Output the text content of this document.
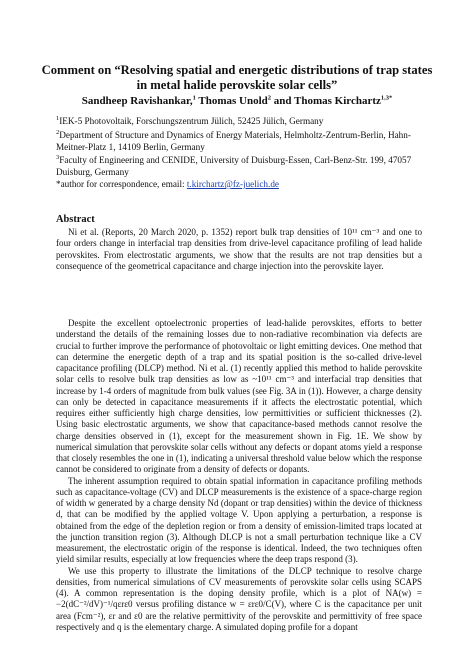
Comment on “Resolving spatial and energetic distributions of trap states in metal halide perovskite solar cells”
Sandheep Ravishankar,$^1$ Thomas Unold$^2$ and Thomas Kirchartz$^{1,3*}$
$^1$IEK-5 Photovoltaik, Forschungszentrum Jülich, 52425 Jülich, Germany
$^2$Department of Structure and Dynamics of Energy Materials, Helmholtz-Zentrum-Berlin, Hahn-Meitner-Platz 1, 14109 Berlin, Germany
$^3$Faculty of Engineering and CENIDE, University of Duisburg-Essen, Carl-Benz-Str. 199, 47057 Duisburg, Germany
*author for correspondence, email: t.kirchartz@fz-juelich.de
Abstract
Ni et al. (Reports, 20 March 2020, p. 1352) report bulk trap densities of 10¹¹ cm⁻³ and one to four orders change in interfacial trap densities from drive-level capacitance profiling of lead halide perovskites. From electrostatic arguments, we show that the results are not trap densities but a consequence of the geometrical capacitance and charge injection into the perovskite layer.

Despite the excellent optoelectronic properties of lead-halide perovskites, efforts to better understand the details of the remaining losses due to non-radiative recombination via defects are crucial to further improve the performance of photovoltaic or light emitting devices. One method that can determine the energetic depth of a trap and its spatial position is the so-called drive-level capacitance profiling (DLCP) method. Ni et al. (1) recently applied this method to halide perovskite solar cells to resolve bulk trap densities as low as ~10¹¹ cm⁻³ and interfacial trap densities that increase by 1-4 orders of magnitude from bulk values (see Fig. 3A in (1)). However, a charge density can only be detected in capacitance measurements if it affects the electrostatic potential, which requires either sufficiently high charge densities, low permittivities or sufficient thicknesses (2). Using basic electrostatic arguments, we show that capacitance-based methods cannot resolve the charge densities observed in (1), except for the measurement shown in Fig. 1E. We show by numerical simulation that perovskite solar cells without any defects or dopant atoms yield a response that closely resembles the one in (1), indicating a universal threshold value below which the response cannot be considered to originate from a density of defects or dopants.

The inherent assumption required to obtain spatial information in capacitance profiling methods such as capacitance-voltage (CV) and DLCP measurements is the existence of a space-charge region of width w generated by a charge density Nd (dopant or trap densities) within the device of thickness d, that can be modified by the applied voltage V. Upon applying a perturbation, a response is obtained from the edge of the depletion region or from a density of emission-limited traps located at the junction transition region (3). Although DLCP is not a small perturbation technique like a CV measurement, the electrostatic origin of the response is identical. Indeed, the two techniques often yield similar results, especially at low frequencies where the deep traps respond (3).

We use this property to illustrate the limitations of the DLCP technique to resolve charge densities, from numerical simulations of CV measurements of perovskite solar cells using SCAPS (4). A common representation is the doping density profile, which is a plot of NA(w) = −2(dC⁻²/dV)⁻¹/qεrε0 versus profiling distance w = εrε0/C(V), where C is the capacitance per unit area (Fcm⁻²), εr and ε0 are the relative permittivity of the perovskite and permittivity of free space respectively and q is the elementary charge. A simulated doping profile for a dopant
